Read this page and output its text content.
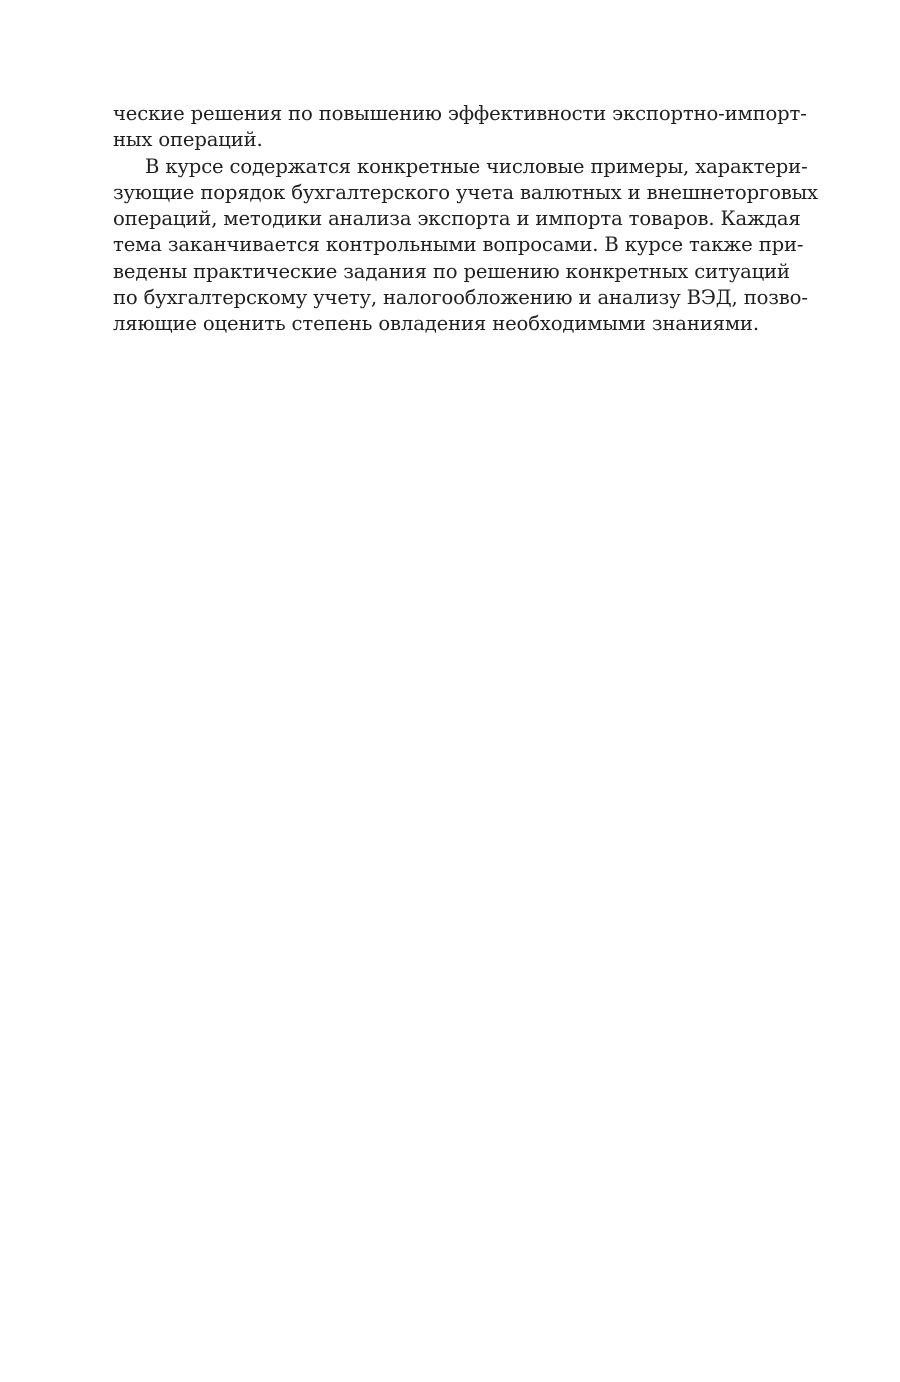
ческие решения по повышению эффективности экспортно-импорт-
ных операций.
В курсе содержатся конкретные числовые примеры, характери-
зующие порядок бухгалтерского учета валютных и внешнеторговых
операций, методики анализа экспорта и импорта товаров. Каждая
тема заканчивается контрольными вопросами. В курсе также при-
ведены практические задания по решению конкретных ситуаций
по бухгалтерскому учету, налогообложению и анализу ВЭД, позво-
ляющие оценить степень овладения необходимыми знаниями.
